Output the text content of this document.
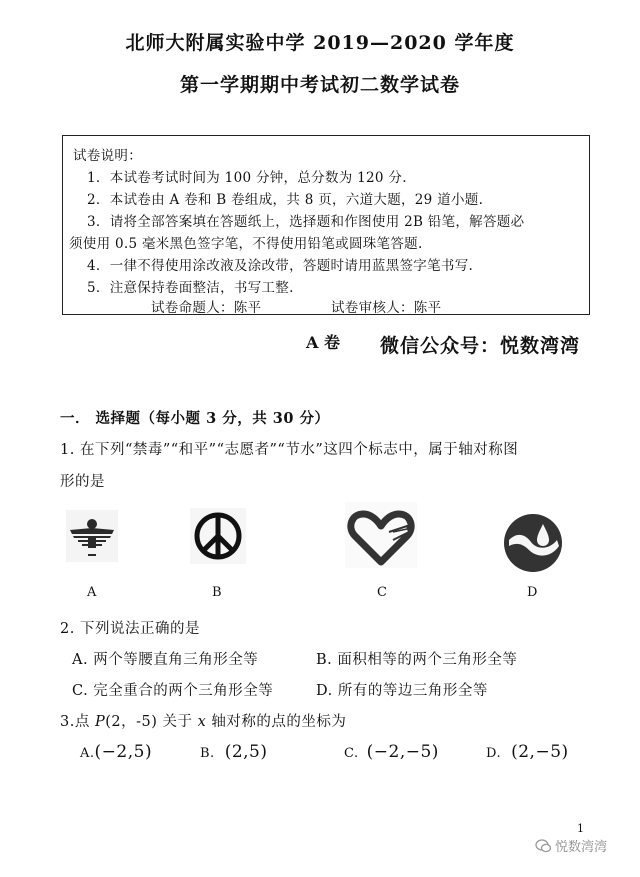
北师大附属实验中学 2019—2020 学年度
第一学期期中考试初二数学试卷
试卷说明：
1．本试卷考试时间为 100 分钟，总分数为 120 分.
2．本试卷由 A 卷和 B 卷组成，共 8 页，六道大题，29 道小题.
3．请将全部答案填在答题纸上，选择题和作图使用 2B 铅笔，解答题必
须使用 0.5 毫米黑色签字笔，不得使用铅笔或圆珠笔答题.
4．一律不得使用涂改液及涂改带，答题时请用蓝黑签字笔书写.
5．注意保持卷面整洁，书写工整.
试卷命题人：陈平	试卷审核人：陈平
A 卷 微信公众号：悦数湾湾
一． 选择题（每小题 3 分，共 30 分）
1. 在下列“禁毒”“和平”“志愿者”“节水”这四个标志中，属于轴对称图
形的是
A	B	C	D
2. 下列说法正确的是
A. 两个等腰直角三角形全等	B. 面积相等的两个三角形全等
C. 完全重合的两个三角形全等	D. 所有的等边三角形全等
3.点 P(2，-5) 关于 x 轴对称的点的坐标为
A.(−2,5)	B. (2,5)	C. (−2,−5)	D. (2,−5)
1
悦数湾湾
